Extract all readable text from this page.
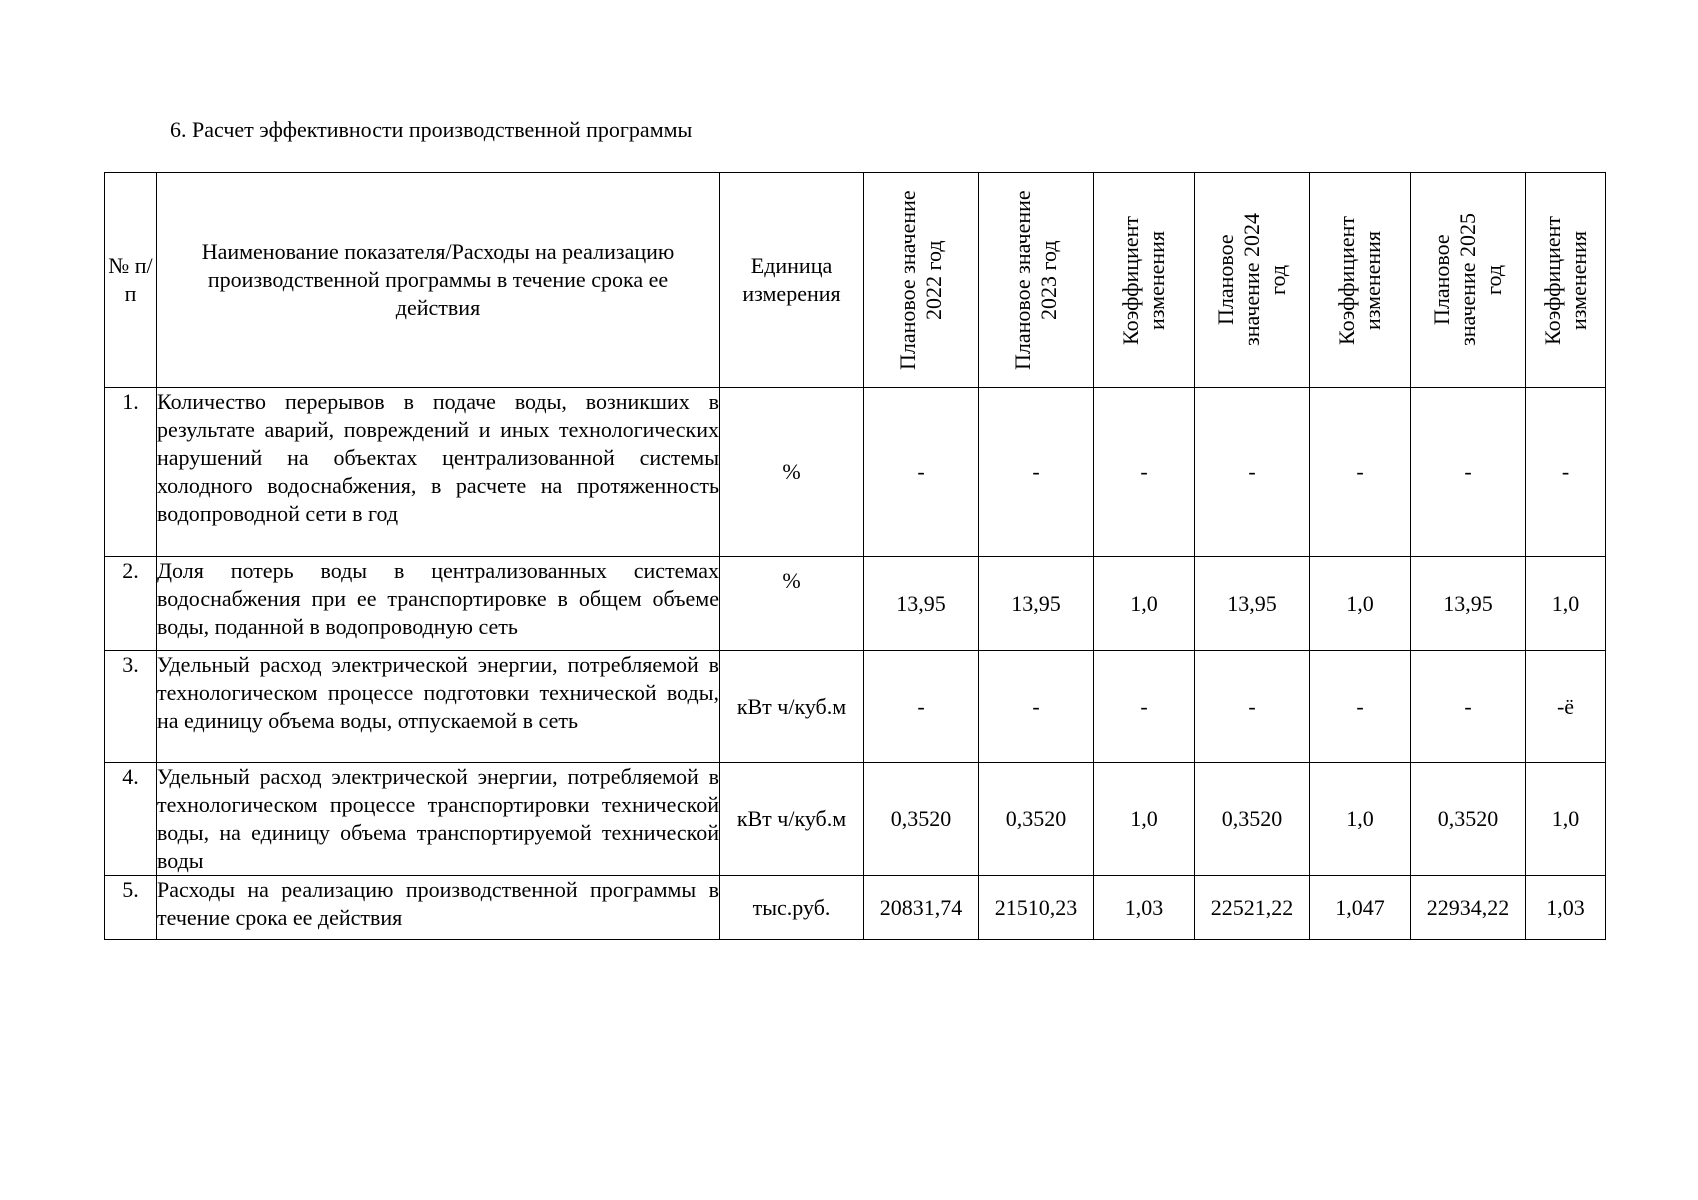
6. Расчет эффективности производственной программы
№ п/п	Наименование показателя/Расходы на реализацию производственной программы в течение срока ее действия	Единица измерения	Плановое значение 2022 год	Плановое значение 2023 год	Коэффициент изменения	Плановое значение 2024 год	Коэффициент изменения	Плановое значение 2025 год	Коэффициент изменения

1.	Количество перерывов в подаче воды, возникших в результате аварий, повреждений и иных технологических нарушений на объектах централизованной системы холодного водоснабжения, в расчете на протяженность водопроводной сети в год	%	-	-	-	-	-	-	-
2.	Доля потерь воды в централизованных системах водоснабжения при ее транспортировке в общем объеме воды, поданной в водопроводную сеть	%	13,95	13,95	1,0	13,95	1,0	13,95	1,0
3.	Удельный расход электрической энергии, потребляемой в технологическом процессе подготовки технической воды, на единицу объема воды, отпускаемой в сеть	кВт ч/куб.м	-	-	-	-	-	-	-ё
4.	Удельный расход электрической энергии, потребляемой в технологическом процессе транспортировки технической воды, на единицу объема транспортируемой технической воды	кВт ч/куб.м	0,3520	0,3520	1,0	0,3520	1,0	0,3520	1,0
5.	Расходы на реализацию производственной программы в течение срока ее действия	тыс.руб.	20831,74	21510,23	1,03	22521,22	1,047	22934,22	1,03
